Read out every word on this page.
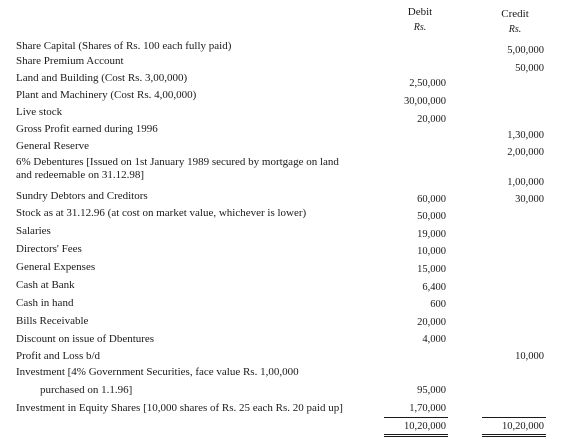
Debit
Rs.
Credit
Rs.
Share Capital (Shares of Rs. 100 each fully paid)
Share Premium Account
Land and Building (Cost Rs. 3,00,000)
Plant and Machinery (Cost Rs. 4,00,000)
Live stock
Gross Profit earned during 1996
General Reserve
6% Debentures [Issued on 1st January 1989 secured by mortgage on land
and redeemable on 31.12.98]
Sundry Debtors and Creditors
Stock as at 31.12.96 (at cost on market value, whichever is lower)
Salaries
Directors' Fees
General Expenses
Cash at Bank
Cash in hand
Bills Receivable
Discount on issue of Dbentures
Profit and Loss b/d
Investment [4% Government Securities, face value Rs. 1,00,000
purchased on 1.1.96]
Investment in Equity Shares [10,000 shares of Rs. 25 each Rs. 20 paid up]
2,50,000
30,00,000
20,000
60,000
50,000
19,000
10,000
15,000
6,400
600
20,000
4,000
95,000
1,70,000
5,00,000
50,000
1,30,000
2,00,000
1,00,000
30,000
10,000
10,20,000	10,20,000
